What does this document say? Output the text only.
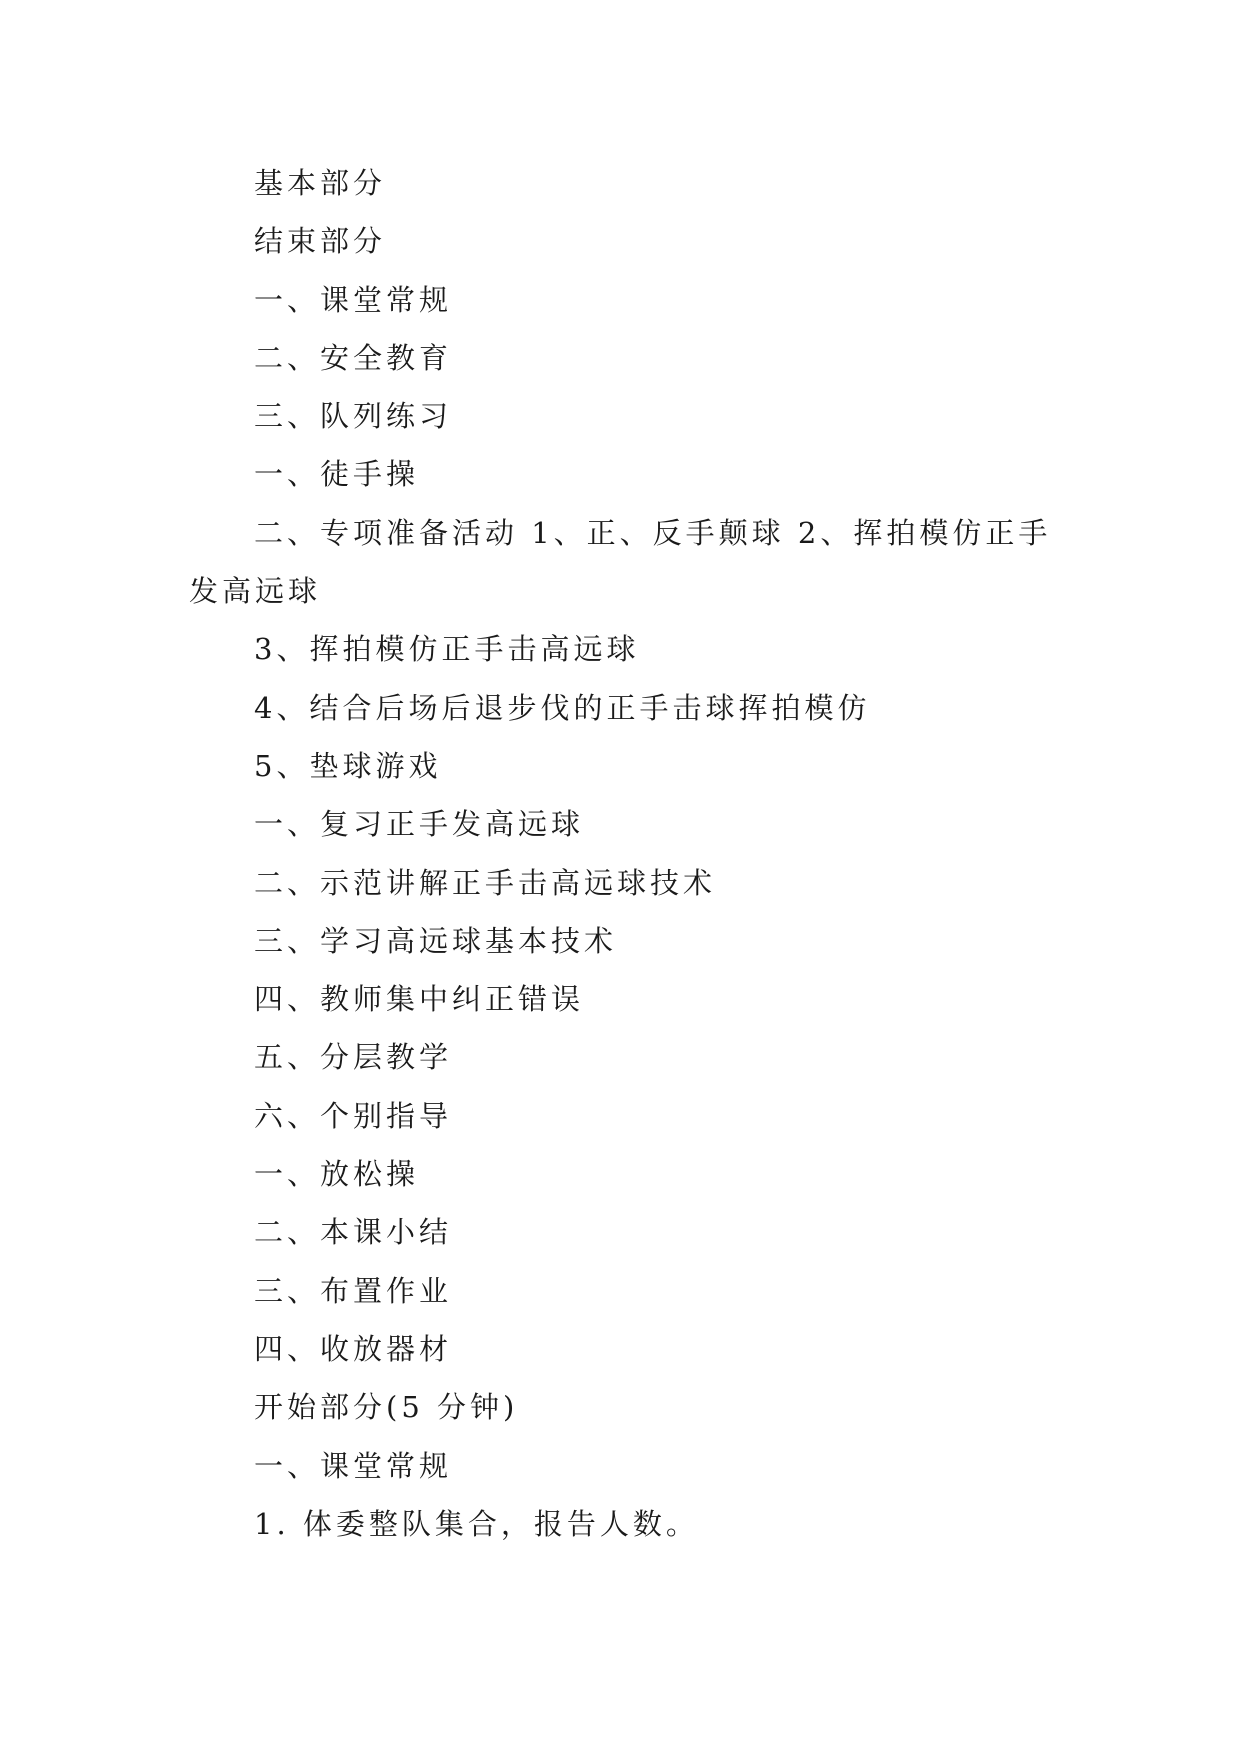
基本部分

结束部分

一、课堂常规

二、安全教育

三、队列练习

一、徒手操

二、专项准备活动 1、正、反手颠球 2、挥拍模仿正手发高远球

3、挥拍模仿正手击高远球

4、结合后场后退步伐的正手击球挥拍模仿

5、垫球游戏

一、复习正手发高远球

二、示范讲解正手击高远球技术

三、学习高远球基本技术

四、教师集中纠正错误

五、分层教学

六、个别指导

一、放松操

二、本课小结

三、布置作业

四、收放器材

开始部分(5 分钟)

一、课堂常规

1. 体委整队集合，报告人数。
